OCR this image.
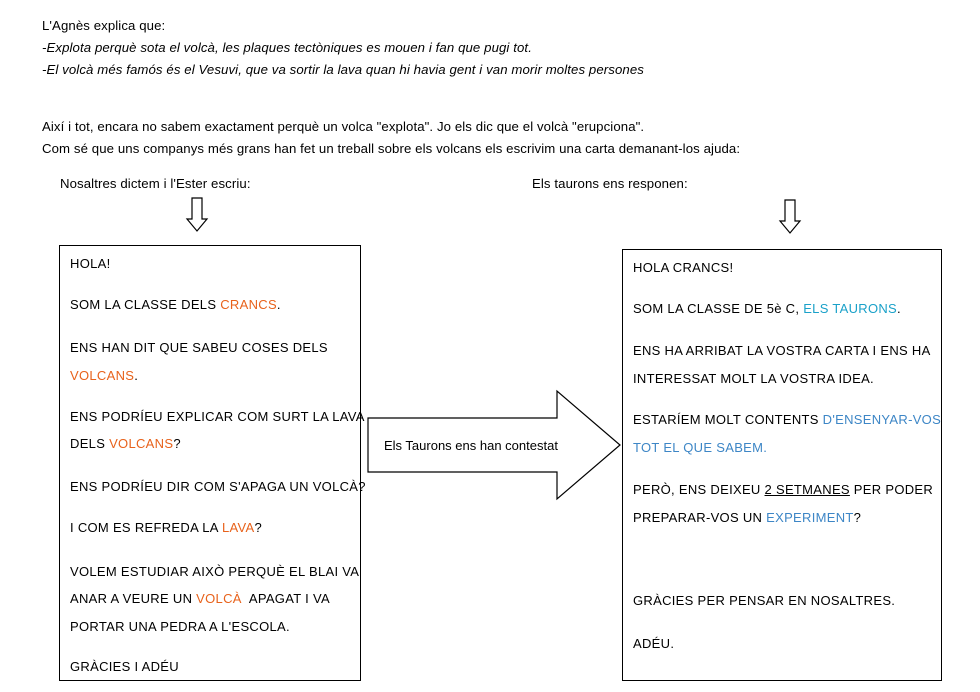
L'Agnès explica que:
-Explota perquè sota el volcà, les plaques tectòniques es mouen i fan que pugi tot.
-El volcà més famós és el Vesuvi, que va sortir la lava quan hi havia gent i van morir moltes persones
Així i tot, encara no sabem exactament perquè un volca "explota". Jo els dic que el volcà "erupciona".
Com sé que uns companys més grans han fet un treball sobre els volcans els escrivim una carta demanant-los ajuda:
Nosaltres dictem i l'Ester escriu:	Els taurons ens responen:
HOLA!
SOM LA CLASSE DELS CRANCS.
ENS HAN DIT QUE SABEU COSES DELS
VOLCANS.
ENS PODRÍEU EXPLICAR COM SURT LA LAVA
DELS VOLCANS?
ENS PODRÍEU DIR COM S'APAGA UN VOLCÀ?
I COM ES REFREDA LA LAVA?
VOLEM ESTUDIAR AIXÒ PERQUÈ EL BLAI VA
ANAR A VEURE UN VOLCÀ  APAGAT I VA
PORTAR UNA PEDRA A L'ESCOLA.
GRÀCIES I ADÉU
Els Taurons ens han contestat
HOLA CRANCS!
SOM LA CLASSE DE 5è C, ELS TAURONS.
ENS HA ARRIBAT LA VOSTRA CARTA I ENS HA
INTERESSAT MOLT LA VOSTRA IDEA.
ESTARÍEM MOLT CONTENTS D'ENSENYAR-VOS
TOT EL QUE SABEM.
PERÒ, ENS DEIXEU 2 SETMANES PER PODER
PREPARAR-VOS UN EXPERIMENT?
GRÀCIES PER PENSAR EN NOSALTRES.
ADÉU.
